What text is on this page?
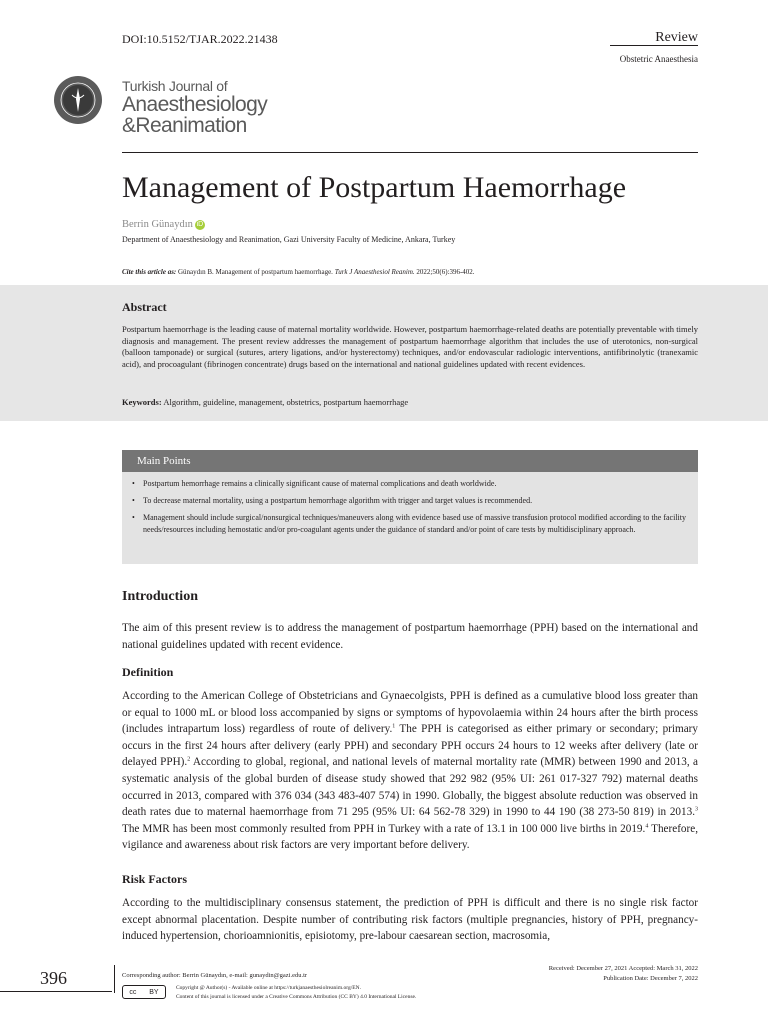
DOI:10.5152/TJAR.2022.21438	Review
Obstetric Anaesthesia
Turkish Journal of
Anaesthesiology
&Reanimation
Management of Postpartum Haemorrhage
Berrin Günaydın iD
Department of Anaesthesiology and Reanimation, Gazi University Faculty of Medicine, Ankara, Turkey
Cite this article as: Günaydın B. Management of postpartum haemorrhage. Turk J Anaesthesiol Reanim. 2022;50(6):396-402.
Abstract
Postpartum haemorrhage is the leading cause of maternal mortality worldwide. However, postpartum haemorrhage-related deaths are potentially preventable with timely diagnosis and management. The present review addresses the management of postpartum haemorrhage algorithm that includes the use of uterotonics, non-surgical (balloon tamponade) or surgical (sutures, artery ligations, and/or hysterectomy) techniques, and/or endovascular radiologic interventions, antifibrinolytic (tranexamic acid), and procoagulant (fibrinogen concentrate) drugs based on the international and national guidelines updated with recent evidences.
Keywords: Algorithm, guideline, management, obstetrics, postpartum haemorrhage
Main Points
• Postpartum hemorrhage remains a clinically significant cause of maternal complications and death worldwide.
• To decrease maternal mortality, using a postpartum hemorrhage algorithm with trigger and target values is recommended.
• Management should include surgical/nonsurgical techniques/maneuvers along with evidence based use of massive transfusion protocol modified according to the facility needs/resources including hemostatic and/or pro-coagulant agents under the guidance of standard and/or point of care tests by multidisciplinary approach.
Introduction
The aim of this present review is to address the management of postpartum haemorrhage (PPH) based on the international and national guidelines updated with recent evidence.
Definition
According to the American College of Obstetricians and Gynaecolgists, PPH is defined as a cumulative blood loss greater than or equal to 1000 mL or blood loss accompanied by signs or symptoms of hypovolaemia within 24 hours after the birth process (includes intrapartum loss) regardless of route of delivery.$^1$ The PPH is categorised as either primary or secondary; primary occurs in the first 24 hours after delivery (early PPH) and secondary PPH occurs 24 hours to 12 weeks after delivery (late or delayed PPH).$^2$ According to global, regional, and national levels of maternal mortality rate (MMR) between 1990 and 2013, a systematic analysis of the global burden of disease study showed that 292 982 (95% UI: 261 017-327 792) maternal deaths occurred in 2013, compared with 376 034 (343 483-407 574) in 1990. Globally, the biggest absolute reduction was observed in death rates due to maternal haemorrhage from 71 295 (95% UI: 64 562-78 329) in 1990 to 44 190 (38 273-50 819) in 2013.$^3$ The MMR has been most commonly resulted from PPH in Turkey with a rate of 13.1 in 100 000 live births in 2019.$^4$ Therefore, vigilance and awareness about risk factors are very important before delivery.
Risk Factors
According to the multidisciplinary consensus statement, the prediction of PPH is difficult and there is no single risk factor except abnormal placentation. Despite number of contributing risk factors (multiple pregnancies, history of PPH, pregnancy-induced hypertension, chorioamnionitis, episiotomy, pre-labour caesarean section, macrosomia,
396	Corresponding author: Berrin Günaydın, e-mail: gunaydin@gazi.edu.tr
cc BY
Copyright @ Author(s) - Available online at https://turkjanaesthesiolreanim.org/EN.
Content of this journal is licensed under a Creative Commons Attribution (CC BY) 4.0 International License.
Received: December 27, 2021 Accepted: March 31, 2022
Publication Date: December 7, 2022
